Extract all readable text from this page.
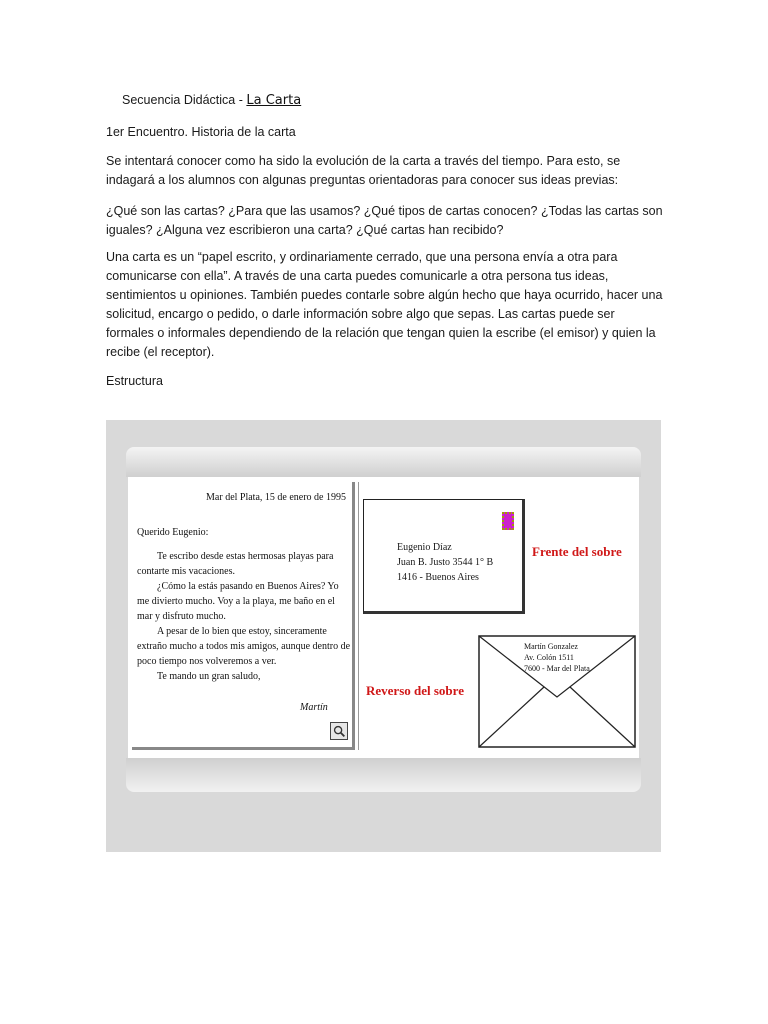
Secuencia Didáctica - La Carta

1er Encuentro. Historia de la carta

Se intentará conocer como ha sido la evolución de la carta a través del tiempo. Para esto, se indagará a los alumnos con algunas preguntas orientadoras para conocer sus ideas previas:

¿Qué son las cartas? ¿Para que las usamos? ¿Qué tipos de cartas conocen? ¿Todas las cartas son iguales? ¿Alguna vez escribieron una carta? ¿Qué cartas han recibido?

Una carta es un “papel escrito, y ordinariamente cerrado, que una persona envía a otra para comunicarse con ella”. A través de una carta puedes comunicarle a otra persona tus ideas, sentimientos u opiniones. También puedes contarle sobre algún hecho que haya ocurrido, hacer una solicitud, encargo o pedido, o darle información sobre algo que sepas. Las cartas puede ser formales o informales dependiendo de la relación que tengan quien la escribe (el emisor) y quien la recibe (el receptor).

Estructura

Mar del Plata, 15 de enero de 1995
Querido Eugenio:
Te escribo desde estas hermosas playas para contarte mis vacaciones.
¿Cómo la estás pasando en Buenos Aires? Yo me divierto mucho. Voy a la playa, me baño en el mar y disfruto mucho.
A pesar de lo bien que estoy, sinceramente extraño mucho a todos mis amigos, aunque dentro de poco tiempo nos volveremos a ver.
Te mando un gran saludo,
Martín
Eugenio Díaz
Juan B. Justo 3544 1° B
1416 - Buenos Aires
Frente del sobre
Reverso del sobre
Martín Gonzalez
Av. Colón 1511
7600 - Mar del Plata
